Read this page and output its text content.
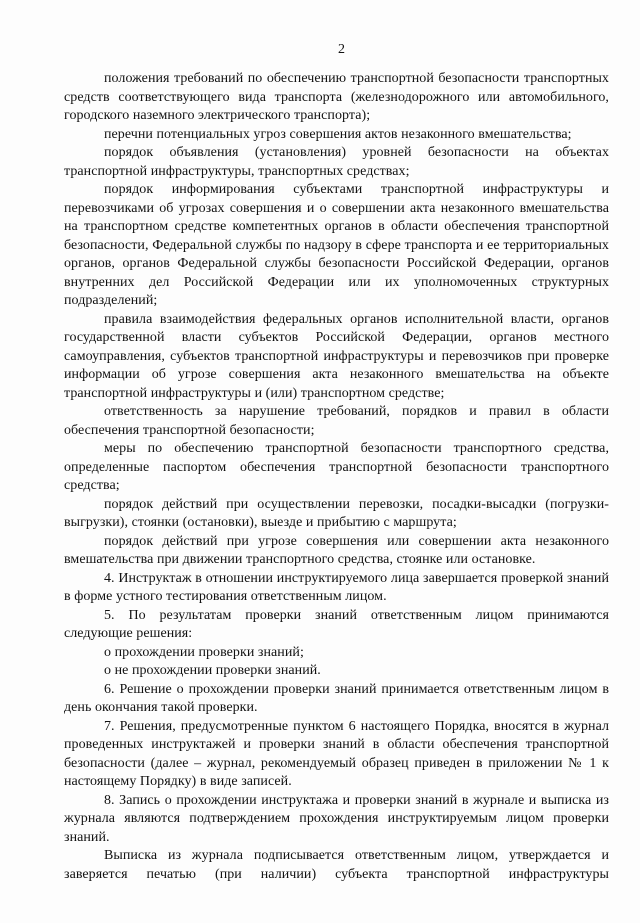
2

положения требований по обеспечению транспортной безопасности транспортных средств соответствующего вида транспорта (железнодорожного или автомобильного, городского наземного электрического транспорта);

перечни потенциальных угроз совершения актов незаконного вмешательства;

порядок объявления (установления) уровней безопасности на объектах транспортной инфраструктуры, транспортных средствах;

порядок информирования субъектами транспортной инфраструктуры и перевозчиками об угрозах совершения и о совершении акта незаконного вмешательства на транспортном средстве компетентных органов в области обеспечения транспортной безопасности, Федеральной службы по надзору в сфере транспорта и ее территориальных органов, органов Федеральной службы безопасности Российской Федерации, органов внутренних дел Российской Федерации или их уполномоченных структурных подразделений;

правила взаимодействия федеральных органов исполнительной власти, органов государственной власти субъектов Российской Федерации, органов местного самоуправления, субъектов транспортной инфраструктуры и перевозчиков при проверке информации об угрозе совершения акта незаконного вмешательства на объекте транспортной инфраструктуры и (или) транспортном средстве;

ответственность за нарушение требований, порядков и правил в области обеспечения транспортной безопасности;

меры по обеспечению транспортной безопасности транспортного средства, определенные паспортом обеспечения транспортной безопасности транспортного средства;

порядок действий при осуществлении перевозки, посадки-высадки (погрузки-выгрузки), стоянки (остановки), выезде и прибытию с маршрута;

порядок действий при угрозе совершения или совершении акта незаконного вмешательства при движении транспортного средства, стоянке или остановке.

4. Инструктаж в отношении инструктируемого лица завершается проверкой знаний в форме устного тестирования ответственным лицом.

5. По результатам проверки знаний ответственным лицом принимаются следующие решения:

о прохождении проверки знаний;

о не прохождении проверки знаний.

6. Решение о прохождении проверки знаний принимается ответственным лицом в день окончания такой проверки.

7. Решения, предусмотренные пунктом 6 настоящего Порядка, вносятся в журнал проведенных инструктажей и проверки знаний в области обеспечения транспортной безопасности (далее – журнал, рекомендуемый образец приведен в приложении № 1 к настоящему Порядку) в виде записей.

8. Запись о прохождении инструктажа и проверки знаний в журнале и выписка из журнала являются подтверждением прохождения инструктируемым лицом проверки знаний.

Выписка из журнала подписывается ответственным лицом, утверждается и заверяется печатью (при наличии) субъекта транспортной инфраструктуры
